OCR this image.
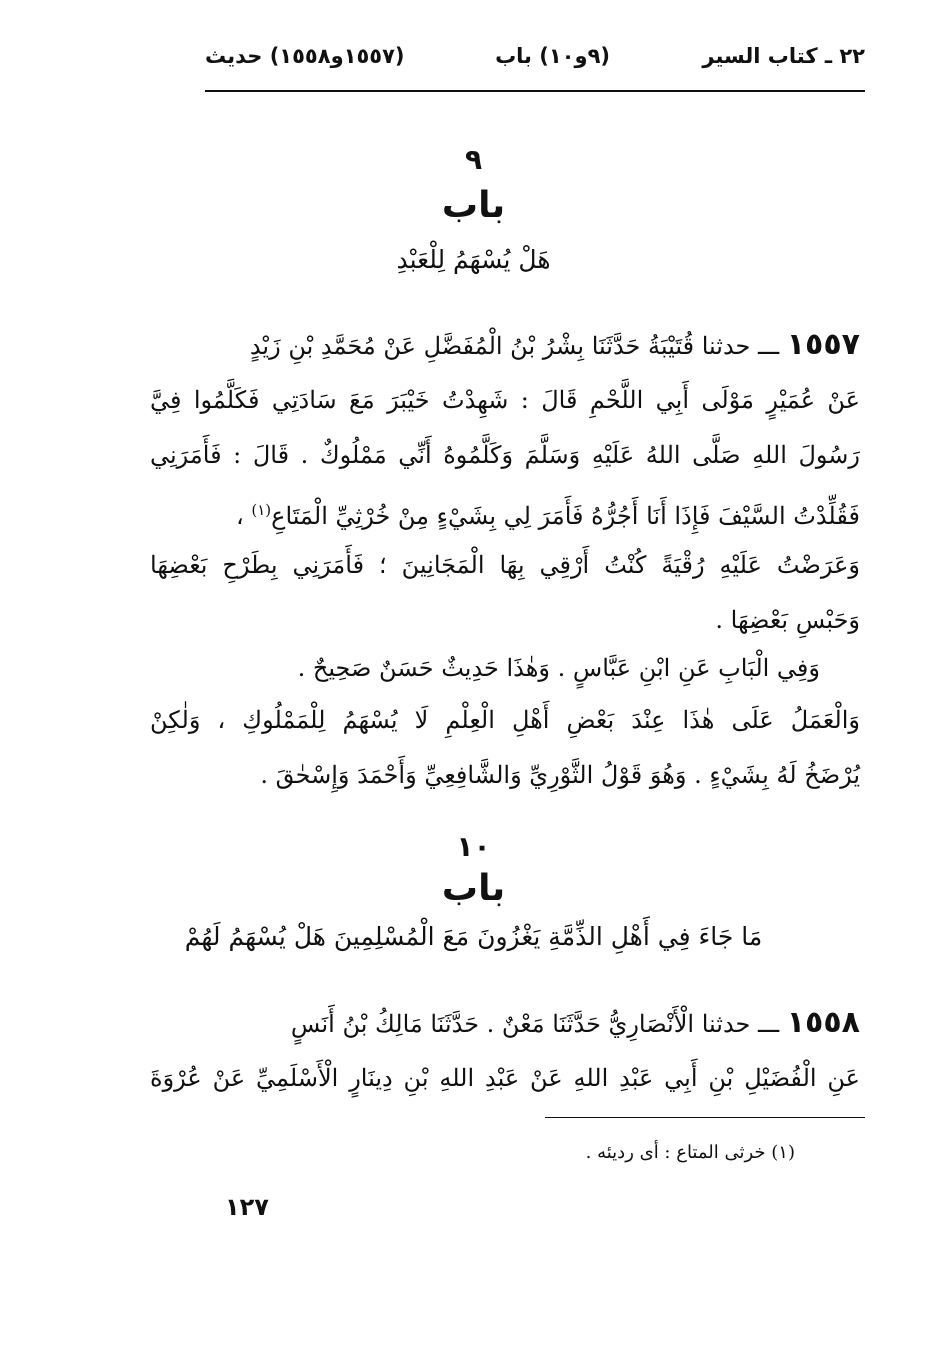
٢٢ ـ كتاب السير
(٩و١٠) باب
(١٥٥٧و١٥٥٨) حديث
٩
باب
هَلْ يُسْهَمُ لِلْعَبْدِ
١٥٥٧ ـــ حدثنا قُتَيْبَةُ حَدَّثَنَا بِشْرُ بْنُ الْمُفَضَّلِ عَنْ مُحَمَّدِ بْنِ زَيْدٍ
عَنْ عُمَيْرٍ مَوْلَى أَبِي اللَّحْمِ قَالَ : شَهِدْتُ خَيْبَرَ مَعَ سَادَتِي فَكَلَّمُوا فِيَّ
رَسُولَ اللهِ صَلَّى اللهُ عَلَيْهِ وَسَلَّمَ وَكَلَّمُوهُ أَنِّي مَمْلُوكٌ . قَالَ : فَأَمَرَنِي
فَقُلِّدْتُ السَّيْفَ فَإِذَا أَنَا أَجُرُّهُ فَأَمَرَ لِي بِشَيْءٍ مِنْ خُرْثِيِّ الْمَتَاعِ$^{(١)}$ ،
وَعَرَضْتُ عَلَيْهِ رُقْيَةً كُنْتُ أَرْقِي بِهَا الْمَجَانِينَ ؛ فَأَمَرَنِي بِطَرْحِ بَعْضِهَا
وَحَبْسِ بَعْضِهَا .
وَفِي الْبَابِ عَنِ ابْنِ عَبَّاسٍ . وَهٰذَا حَدِيثٌ حَسَنٌ صَحِيحٌ .
وَالْعَمَلُ عَلَى هٰذَا عِنْدَ بَعْضِ أَهْلِ الْعِلْمِ لَا يُسْهَمُ لِلْمَمْلُوكِ ، وَلٰكِنْ
يُرْضَخُ لَهُ بِشَيْءٍ . وَهُوَ قَوْلُ الثَّوْرِيِّ وَالشَّافِعِيِّ وَأَحْمَدَ وَإِسْحٰقَ .
١٠
باب
مَا جَاءَ فِي أَهْلِ الذِّمَّةِ يَغْزُونَ مَعَ الْمُسْلِمِينَ هَلْ يُسْهَمُ لَهُمْ
١٥٥٨ ـــ حدثنا الْأَنْصَارِيُّ حَدَّثَنَا مَعْنٌ . حَدَّثَنَا مَالِكُ بْنُ أَنَسٍ
عَنِ الْفُضَيْلِ بْنِ أَبِي عَبْدِ اللهِ عَنْ عَبْدِ اللهِ بْنِ دِينَارٍ الْأَسْلَمِيِّ عَنْ عُرْوَةَ
(١) خرثى المتاع : أى رديئه .
١٢٧
